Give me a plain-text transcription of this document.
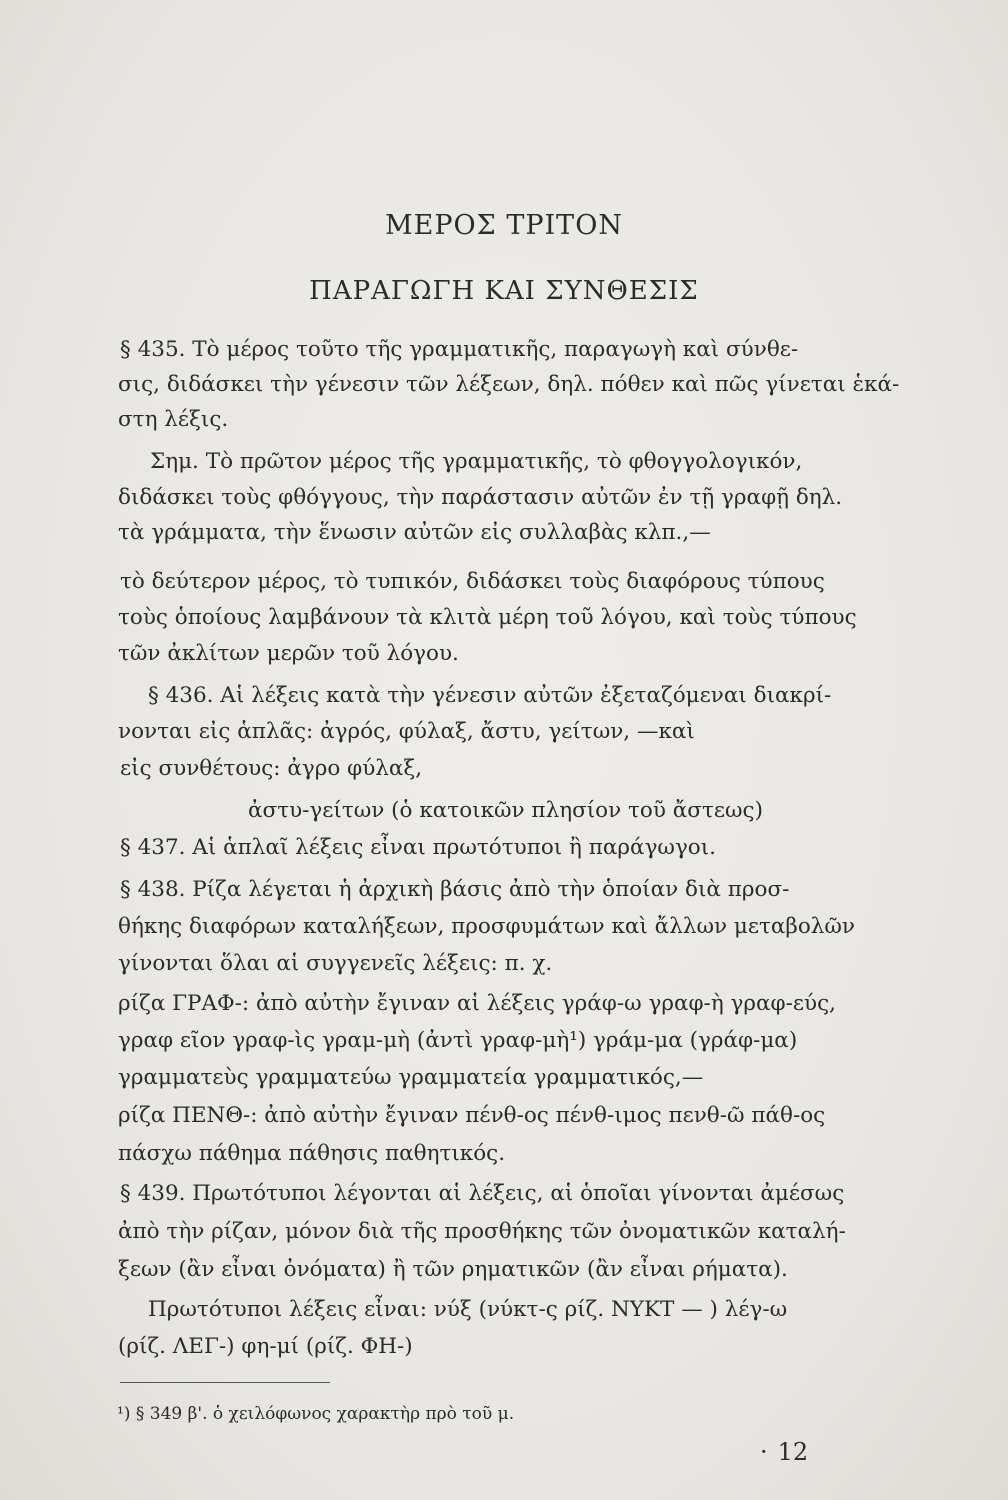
ΜΕΡΟΣ ΤΡΙΤΟΝ
ΠΑΡΑΓΩΓΗ ΚΑΙ ΣΥΝΘΕΣΙΣ
§ 435. Τὸ μέρος τοῦτο τῆς γραμματικῆς, παραγωγὴ καὶ σύνθε-
σις, διδάσκει τὴν γένεσιν τῶν λέξεων, δηλ. πόθεν καὶ πῶς γίνεται ἑκά-
στη λέξις.
Σημ. Τὸ πρῶτον μέρος τῆς γραμματικῆς, τὸ φθογγολογικόν,
διδάσκει τοὺς φθόγγους, τὴν παράστασιν αὐτῶν ἐν τῇ γραφῇ δηλ.
τὰ γράμματα, τὴν ἕνωσιν αὐτῶν εἰς συλλαβὰς κλπ.,—
τὸ δεύτερον μέρος, τὸ τυπικόν, διδάσκει τοὺς διαφόρους τύπους
τοὺς ὁποίους λαμβάνουν τὰ κλιτὰ μέρη τοῦ λόγου, καὶ τοὺς τύπους
τῶν ἀκλίτων μερῶν τοῦ λόγου.
§ 436. Αἱ λέξεις κατὰ τὴν γένεσιν αὐτῶν ἐξεταζόμεναι διακρί-
νονται εἰς ἁπλᾶς: ἀγρός, φύλαξ, ἄστυ, γείτων, —καὶ
εἰς συνθέτους: ἀγρο φύλαξ,
ἀστυ-γείτων (ὁ κατοικῶν πλησίον τοῦ ἄστεως)
§ 437. Αἱ ἁπλαῖ λέξεις εἶναι πρωτότυποι ἢ παράγωγοι.
§ 438. Ρίζα λέγεται ἡ ἀρχικὴ βάσις ἀπὸ τὴν ὁποίαν διὰ προσ-
θήκης διαφόρων καταλήξεων, προσφυμάτων καὶ ἄλλων μεταβολῶν
γίνονται ὅλαι αἱ συγγενεῖς λέξεις: π. χ.
ρίζα ΓΡΑΦ-: ἀπὸ αὐτὴν ἔγιναν αἱ λέξεις γράφ-ω γραφ-ὴ γραφ-εύς,
γραφ εῖον γραφ-ὶς γραμ-μὴ (ἀντὶ γραφ-μὴ¹) γράμ-μα (γράφ-μα)
γραμματεὺς γραμματεύω γραμματεία γραμματικός,—
ρίζα ΠΕΝΘ-: ἀπὸ αὐτὴν ἔγιναν πένθ-ος πένθ-ιμος πενθ-ῶ πάθ-ος
πάσχω πάθημα πάθησις παθητικός.
§ 439. Πρωτότυποι λέγονται αἱ λέξεις, αἱ ὁποῖαι γίνονται ἀμέσως
ἀπὸ τὴν ρίζαν, μόνον διὰ τῆς προσθήκης τῶν ὀνοματικῶν καταλή-
ξεων (ἂν εἶναι ὀνόματα) ἢ τῶν ρηματικῶν (ἂν εἶναι ρήματα).
Πρωτότυποι λέξεις εἶναι: νύξ (νύκτ-ς ρίζ. ΝΥΚΤ — ) λέγ-ω
(ρίζ. ΛΕΓ-) φη-μί (ρίζ. ΦΗ-)
¹) § 349 β'. ὁ χειλόφωνος χαρακτὴρ πρὸ τοῦ μ.
· 12
